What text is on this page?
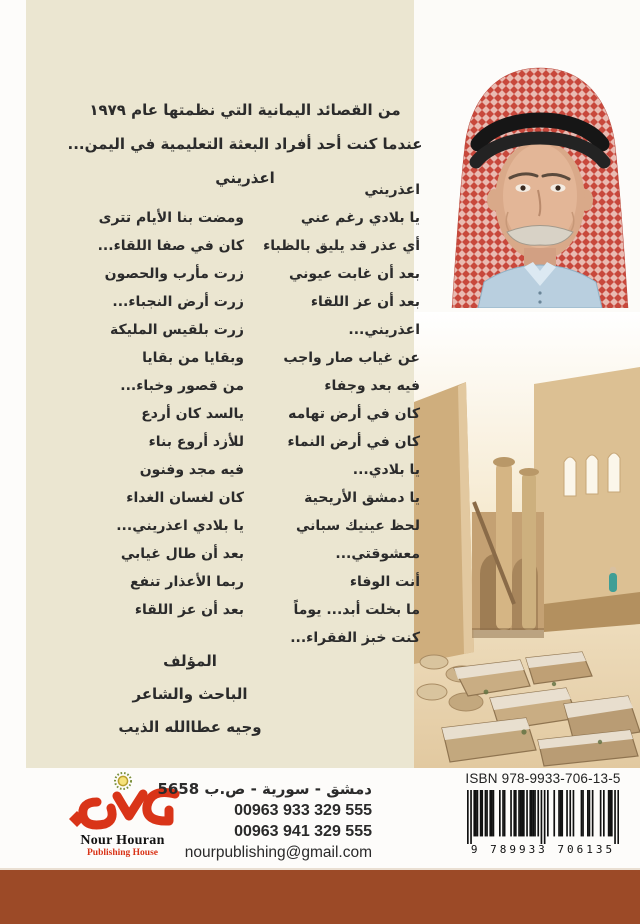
من القصائد اليمانية التي نظمتها عام ١٩٧٩
عندما كنت أحد أفراد البعثة التعليمية في اليمن...
اعذريني
اعذريني
يا بلادي رغم عني
أي عذر قد يليق بالظباء
بعد أن غابت عيوني
بعد أن عز اللقاء
اعذريني...
عن غياب صار واجب
فيه بعد وجفاء
كان في أرض تهامه
كان في أرض النماء
يا بلادي...
يا دمشق الأريحية
لحظ عينيك سباني
معشوقتي...
أنت الوفاء
ما بخلت أبد... يوماً
كنت خبز الفقراء...
ومضت بنا الأيام تترى
كان في صفا اللقاء...
زرت مأرب والحصون
زرت أرض النجباء...
زرت بلقيس المليكة
وبقايا من بقايا
من قصور وخباء...
يالسد كان أردع
للأزد أروع بناء
فيه مجد وفنون
كان لغسان الغداء
يا بلادي اعذريني...
بعد أن طال غيابي
ربما الأعذار تنفع
بعد أن عز اللقاء
المؤلف
الباحث والشاعر
وجيه عطاالله الذيب
Nour Houran
Publishing House
دمشق - سورية - ص.ب 5658
00963 933 329 555
00963 941 329 555
nourpublishing@gmail.com
ISBN 978-9933-706-13-5
9 789933 706135
